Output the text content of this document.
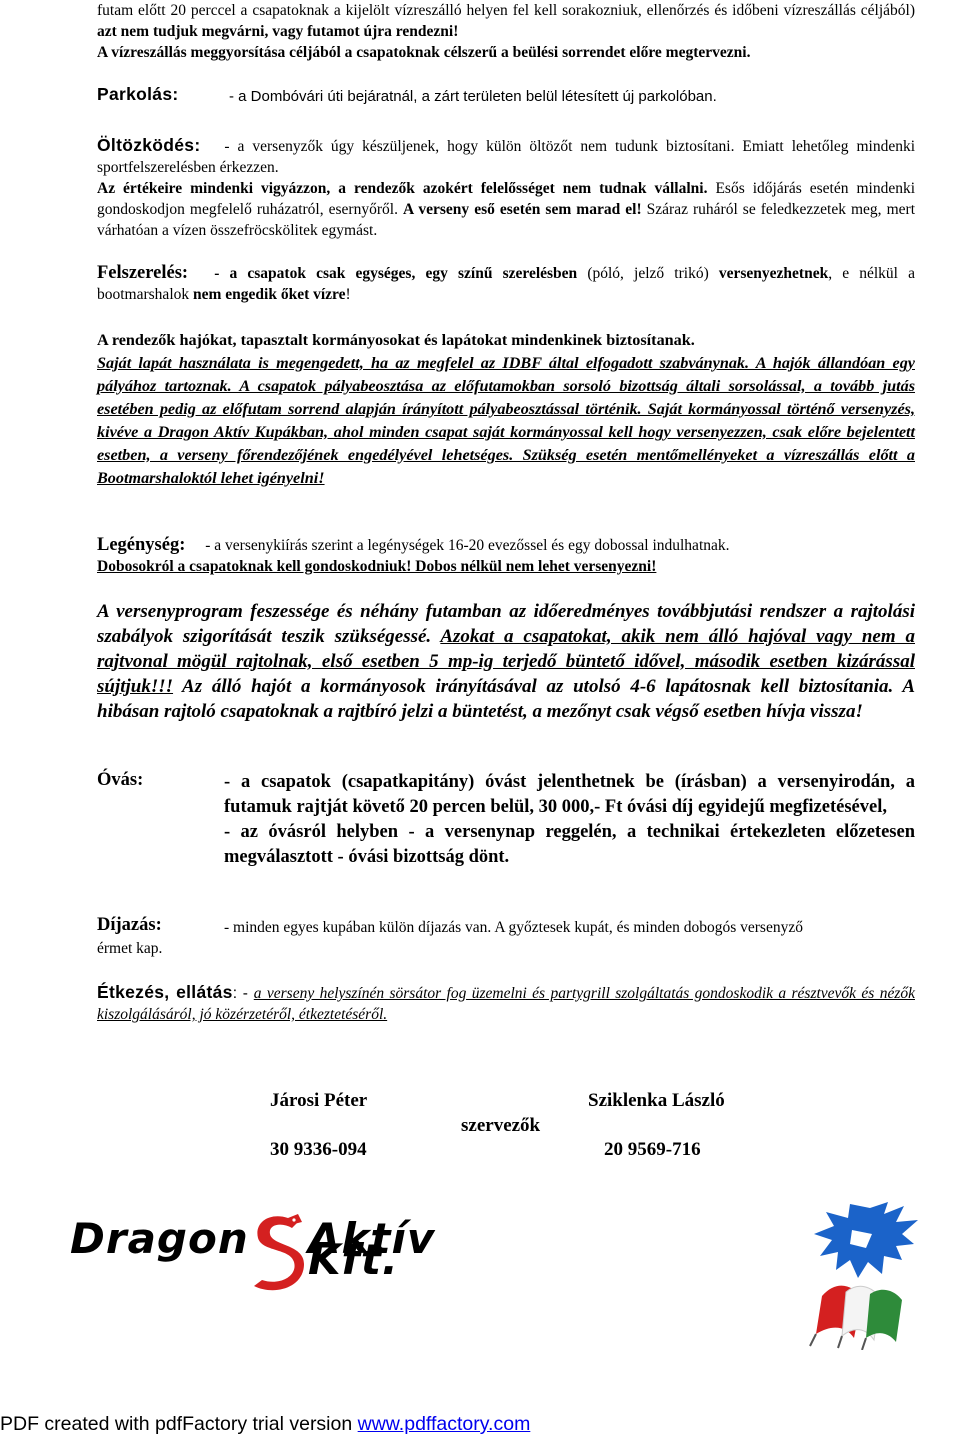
futam előtt 20 perccel a csapatoknak a kijelölt vízreszálló helyen fel kell sorakozniuk, ellenőrzés és időbeni vízreszállás céljából) azt nem tudjuk megvárni, vagy futamot újra rendezni!
A vízreszállás meggyorsítása céljából a csapatoknak célszerű a beülési sorrendet előre megtervezni.

Parkolás:	- a Dombóvári úti bejáratnál, a zárt területen belül létesített új parkolóban.

Öltözködés: - a versenyzők úgy készüljenek, hogy külön öltözőt nem tudunk biztosítani. Emiatt lehetőleg mindenki sportfelszerelésben érkezzen.
Az értékeire mindenki vigyázzon, a rendezők azokért felelősséget nem tudnak vállalni. Esős időjárás esetén mindenki gondoskodjon megfelelő ruházatról, esernyőről. A verseny eső esetén sem marad el! Száraz ruháról se feledkezzetek meg, mert várhatóan a vízen összefröcskölitek egymást.

Felszerelés: - a csapatok csak egységes, egy színű szerelésben (póló, jelző trikó) versenyezhetnek, e nélkül a bootmarshalok nem engedik őket vízre!

A rendezők hajókat, tapasztalt kormányosokat és lapátokat mindenkinek biztosítanak.
Saját lapát használata is megengedett, ha az megfelel az IDBF által elfogadott szabványnak. A hajók állandóan egy pályához tartoznak. A csapatok pályabeosztása az előfutamokban sorsoló bizottság általi sorsolással, a tovább jutás esetében pedig az előfutam sorrend alapján írányított pályabeosztással történik. Saját kormányossal történő versenyzés, kivéve a Dragon Aktív Kupákban, ahol minden csapat saját kormányossal kell hogy versenyezzen, csak előre bejelentett esetben, a verseny főrendezőjének engedélyével lehetséges. Szükség esetén mentőmellényeket a vízreszállás előtt a Bootmarshaloktól lehet igényelni!

Legénység: - a versenykiírás szerint a legénységek 16-20 evezőssel és egy dobossal indulhatnak.
Dobosokról a csapatoknak kell gondoskodniuk! Dobos nélkül nem lehet versenyezni!

A versenyprogram feszessége és néhány futamban az időeredményes továbbjutási rendszer a rajtolási szabályok szigorítását teszik szükségessé. Azokat a csapatokat, akik nem álló hajóval vagy nem a rajtvonal mögül rajtolnak, első esetben 5 mp-ig terjedő büntető idővel, második esetben kizárással sújtjuk!!! Az álló hajót a kormányosok irányításával az utolsó 4-6 lapátosnak kell biztosítania. A hibásan rajtoló csapatoknak a rajtbíró jelzi a büntetést, a mezőnyt csak végső esetben hívja vissza!

Óvás:	- a csapatok (csapatkapitány) óvást jelenthetnek be (írásban) a versenyirodán, a futamuk rajtját követő 20 percen belül, 30 000,- Ft óvási díj egyidejű megfizetésével,
- az óvásról helyben - a versenynap reggelén, a technikai értekezleten előzetesen megválasztott - óvási bizottság dönt.
Díjazás:	- minden egyes kupában külön díjazás van. A győztesek kupát, és minden dobogós versenyző
érmet kap.

Étkezés, ellátás: - a verseny helyszínén sörsátor fog üzemelni és partygrill szolgáltatás gondoskodik a résztvevők és nézők kiszolgálásáról, jó közérzetéről, étkeztetéséről.

Járosi Péter	Sziklenka László
szervezők
30 9336-094	20 9569-716
Dragon Aktív Kft.
PDF created with pdfFactory trial version www.pdffactory.com
